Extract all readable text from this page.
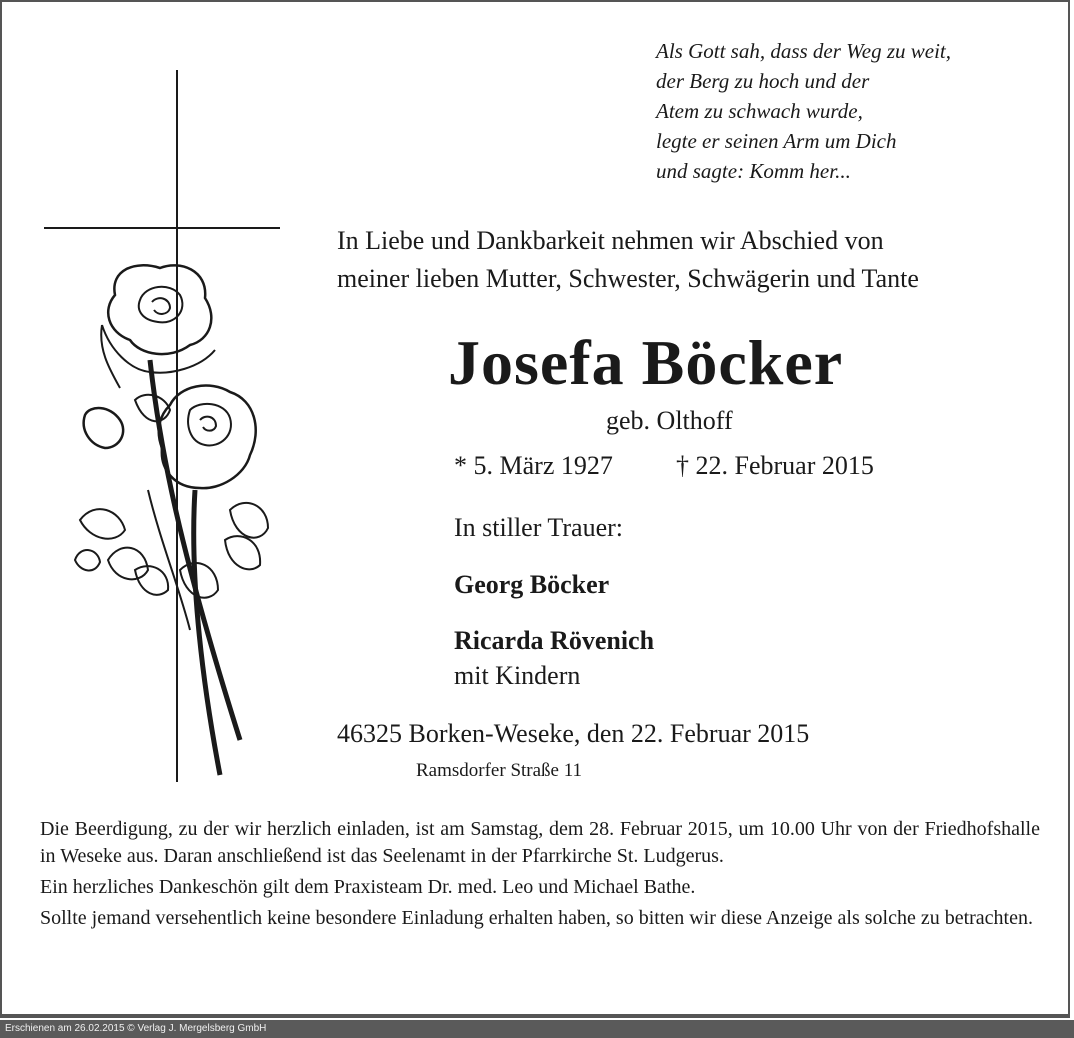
Als Gott sah, dass der Weg zu weit,
der Berg zu hoch und der
Atem zu schwach wurde,
legte er seinen Arm um Dich
und sagte: Komm her...
In Liebe und Dankbarkeit nehmen wir Abschied von
meiner lieben Mutter, Schwester, Schwägerin und Tante
Josefa Böcker
geb. Olthoff
* 5. März 1927 † 22. Februar 2015
In stiller Trauer:
Georg Böcker
Ricarda Rövenich
mit Kindern
46325 Borken-Weseke, den 22. Februar 2015
Ramsdorfer Straße 11

Die Beerdigung, zu der wir herzlich einladen, ist am Samstag, dem 28. Februar 2015, um 10.00 Uhr von der Friedhofshalle in Weseke aus. Daran anschließend ist das Seelenamt in der Pfarrkirche St. Ludgerus.

Ein herzliches Dankeschön gilt dem Praxisteam Dr. med. Leo und Michael Bathe.

Sollte jemand versehentlich keine besondere Einladung erhalten haben, so bitten wir diese Anzeige als solche zu betrachten.

Erschienen am 26.02.2015 © Verlag J. Mergelsberg GmbH
